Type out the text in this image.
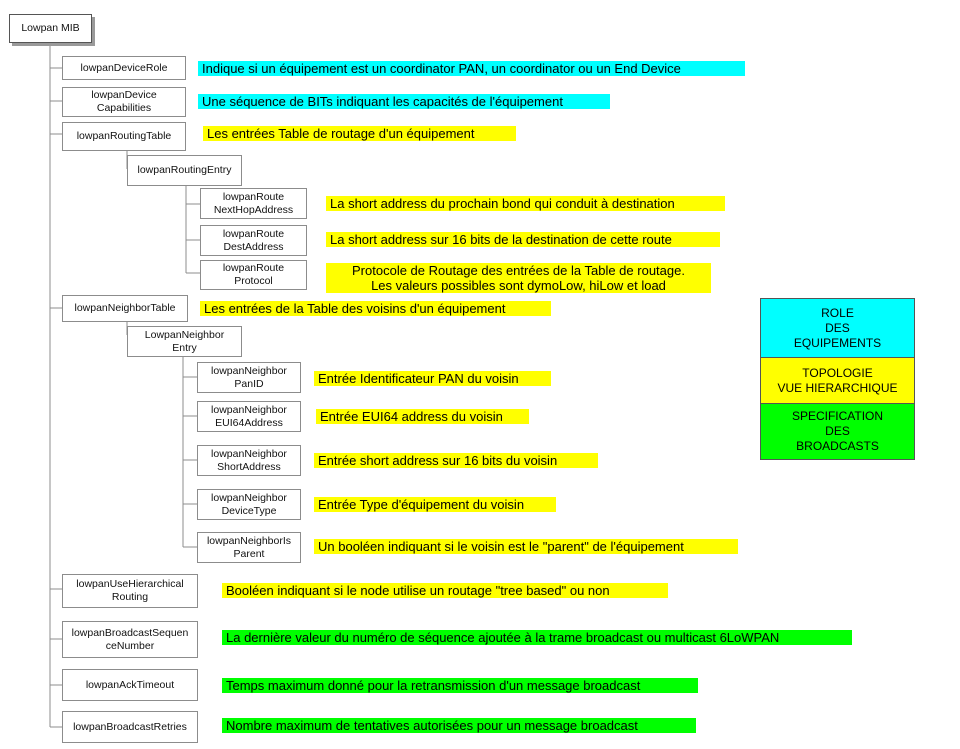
Lowpan MIB
lowpanDeviceRole
lowpanDevice
Capabilities
lowpanRoutingTable
lowpanRoutingEntry
lowpanRoute
NextHopAddress
lowpanRoute
DestAddress
lowpanRoute
Protocol
lowpanNeighborTable
LowpanNeighbor
Entry
lowpanNeighbor
PanID
lowpanNeighbor
EUI64Address
lowpanNeighbor
ShortAddress
lowpanNeighbor
DeviceType
lowpanNeighborIs
Parent
lowpanUseHierarchical
Routing
lowpanBroadcastSequen
ceNumber
lowpanAckTimeout
lowpanBroadcastRetries
Indique si un équipement est un coordinator PAN, un coordinator ou un End Device
Une séquence de BITs indiquant les capacités de l'équipement
Les entrées Table de routage d'un équipement
La short address du prochain bond qui conduit à destination
La short address sur 16 bits de la destination de cette route
Protocole de Routage des entrées de la Table de routage.
Les valeurs possibles sont dymoLow, hiLow et load
Les entrées de la Table des voisins d'un équipement
Entrée Identificateur PAN du voisin
Entrée EUI64 address du voisin
Entrée short address sur 16 bits du voisin
Entrée Type d'équipement du voisin
Un booléen indiquant si le voisin est le "parent" de l'équipement
Booléen indiquant si le node utilise un routage "tree based" ou non
La dernière valeur du numéro de séquence ajoutée à la trame broadcast ou multicast 6LoWPAN
Temps maximum donné pour la retransmission d'un message broadcast
Nombre maximum de tentatives autorisées pour un message broadcast
ROLE
DES
EQUIPEMENTS
TOPOLOGIE
VUE HIERARCHIQUE
SPECIFICATION
DES
BROADCASTS
